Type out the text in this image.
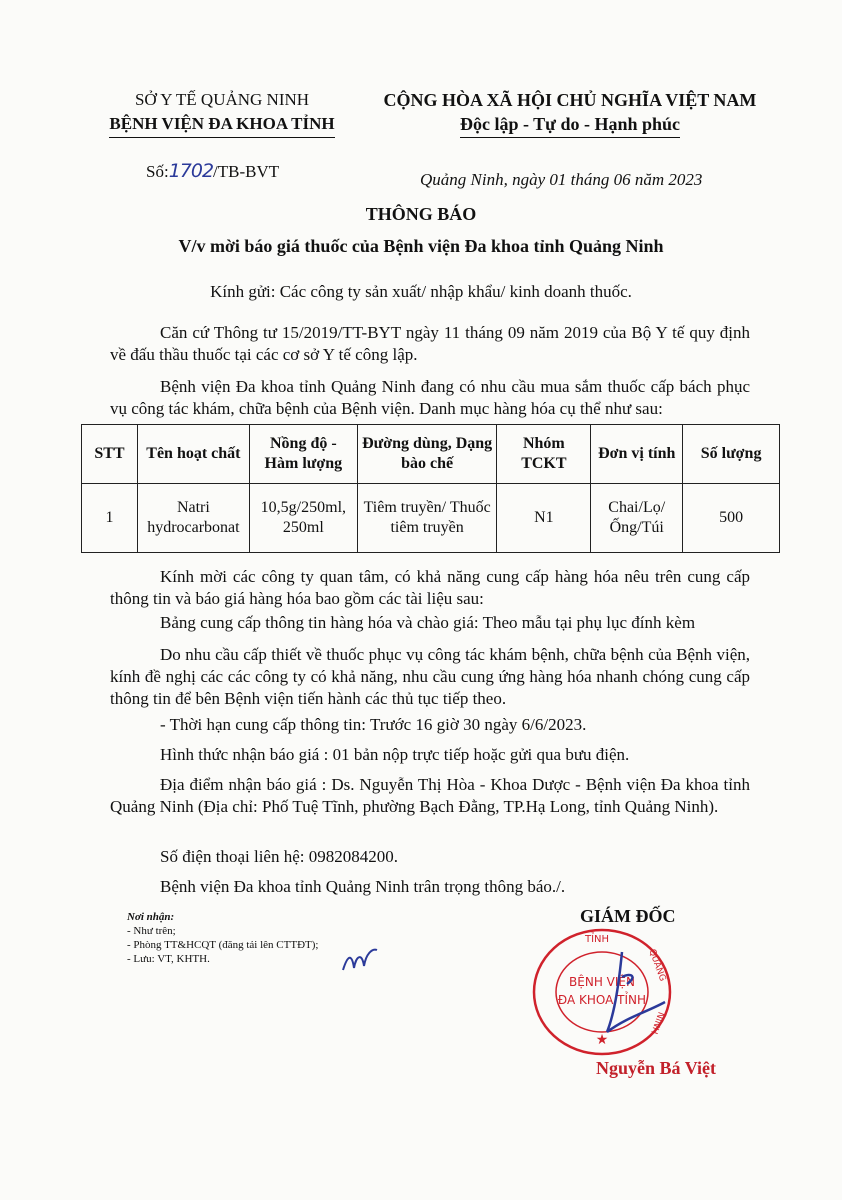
SỞ Y TẾ QUẢNG NINH
BỆNH VIỆN ĐA KHOA TỈNH
CỘNG HÒA XÃ HỘI CHỦ NGHĨA VIỆT NAM
Độc lập - Tự do - Hạnh phúc
Số:1702/TB-BVT	Quảng Ninh, ngày 01 tháng 06 năm 2023
THÔNG BÁO
V/v mời báo giá thuốc của Bệnh viện Đa khoa tỉnh Quảng Ninh
Kính gửi: Các công ty sản xuất/ nhập khẩu/ kinh doanh thuốc.
Căn cứ Thông tư 15/2019/TT-BYT ngày 11 tháng 09 năm 2019 của Bộ Y tế quy định về đấu thầu thuốc tại các cơ sở Y tế công lập.
Bệnh viện Đa khoa tỉnh Quảng Ninh đang có nhu cầu mua sắm thuốc cấp bách phục vụ công tác khám, chữa bệnh của Bệnh viện. Danh mục hàng hóa cụ thể như sau:
STT	Tên hoạt chất	Nồng độ - Hàm lượng	Đường dùng, Dạng bào chế	Nhóm TCKT	Đơn vị tính	Số lượng
1	Natri hydrocarbonat	10,5g/250ml, 250ml	Tiêm truyền/ Thuốc tiêm truyền	N1	Chai/Lọ/ Ống/Túi	500
Kính mời các công ty quan tâm, có khả năng cung cấp hàng hóa nêu trên cung cấp thông tin và báo giá hàng hóa bao gồm các tài liệu sau:
Bảng cung cấp thông tin hàng hóa và chào giá: Theo mẫu tại phụ lục đính kèm
Do nhu cầu cấp thiết về thuốc phục vụ công tác khám bệnh, chữa bệnh của Bệnh viện, kính đề nghị các các công ty có khả năng, nhu cầu cung ứng hàng hóa nhanh chóng cung cấp thông tin để bên Bệnh viện tiến hành các thủ tục tiếp theo.
- Thời hạn cung cấp thông tin: Trước 16 giờ 30 ngày 6/6/2023.
Hình thức nhận báo giá : 01 bản nộp trực tiếp hoặc gửi qua bưu điện.
Địa điểm nhận báo giá : Ds. Nguyễn Thị Hòa - Khoa Dược - Bệnh viện Đa khoa tỉnh Quảng Ninh (Địa chỉ: Phố Tuệ Tĩnh, phường Bạch Đằng, TP.Hạ Long, tỉnh Quảng Ninh).
Số điện thoại liên hệ: 0982084200.
Bệnh viện Đa khoa tỉnh Quảng Ninh trân trọng thông báo./.
Nơi nhận:
- Như trên;
- Phòng TT&HCQT (đăng tải lên CTTĐT);
- Lưu: VT, KHTH.
GIÁM ĐỐC
BỆNH VIỆN
ĐA KHOA TỈNH
TỈNH
QUẢNG
NINH
★
Nguyễn Bá Việt
